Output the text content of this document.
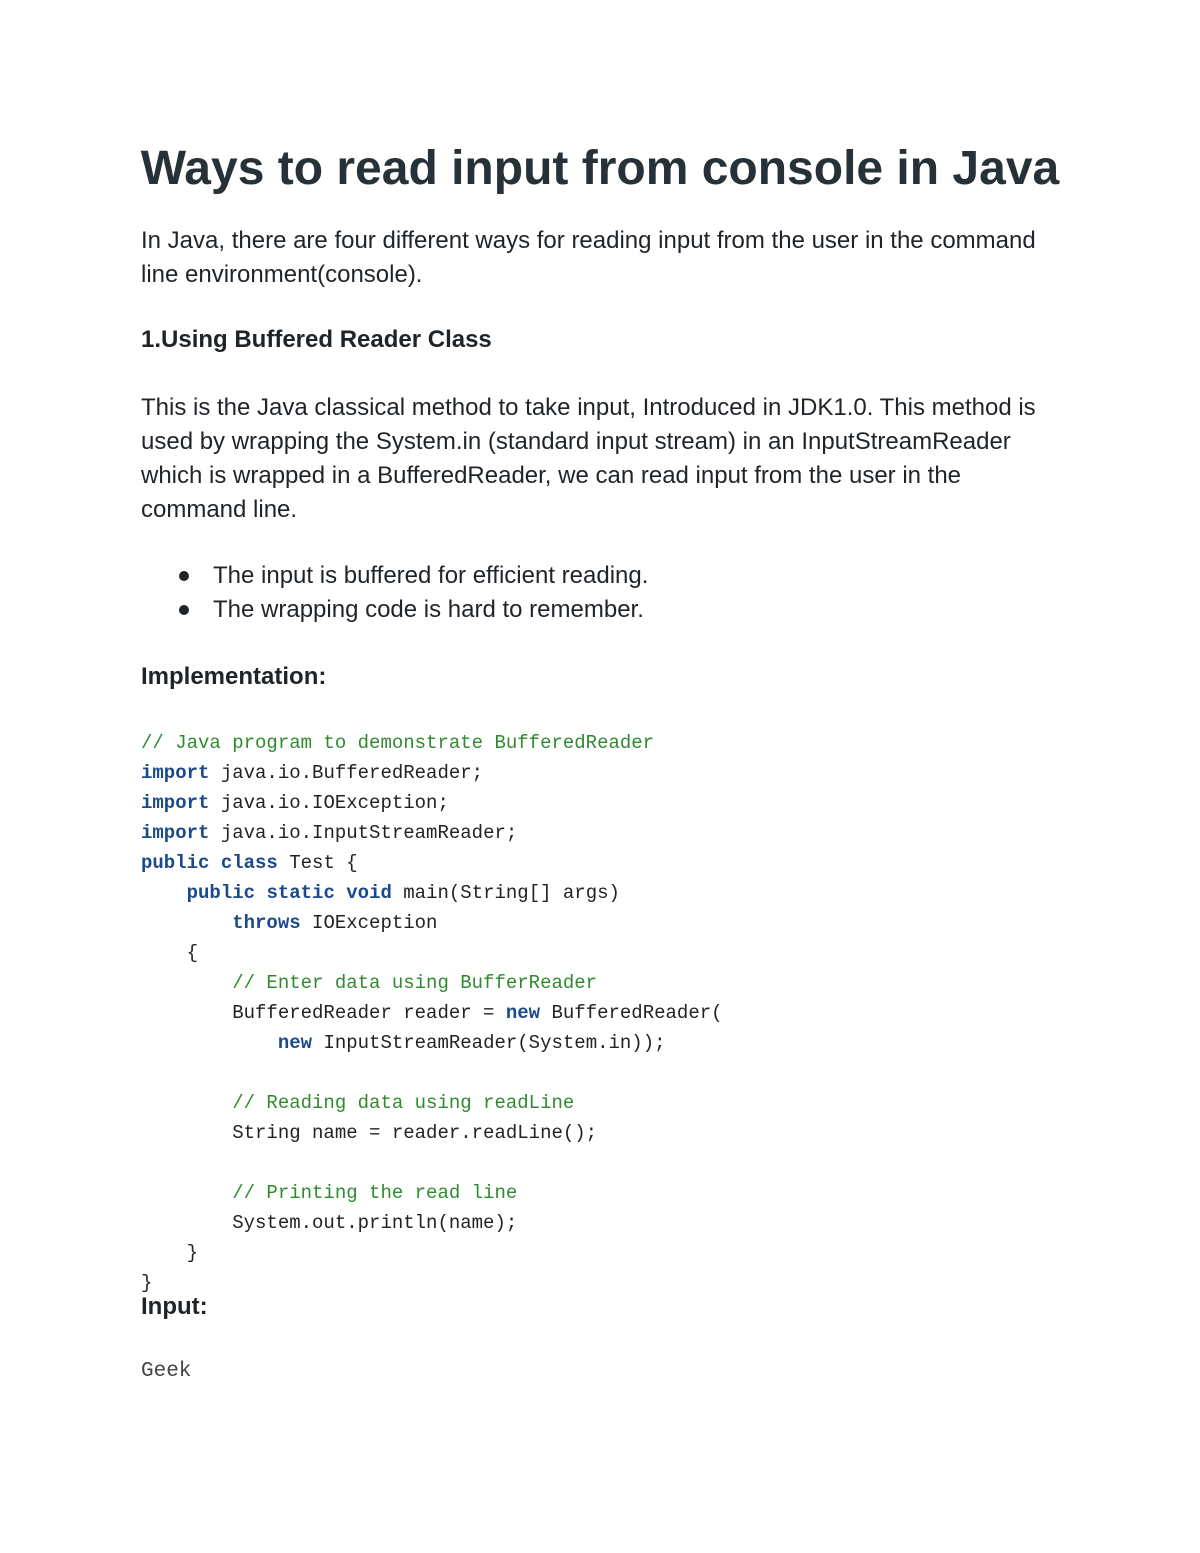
Ways to read input from console in Java

In Java, there are four different ways for reading input from the user in the command line environment(console).

1.Using Buffered Reader Class

This is the Java classical method to take input, Introduced in JDK1.0. This method is used by wrapping the System.in (standard input stream) in an InputStreamReader which is wrapped in a BufferedReader, we can read input from the user in the command line.

The input is buffered for efficient reading.
The wrapping code is hard to remember.
Implementation:
// Java program to demonstrate BufferedReader
import java.io.BufferedReader;
import java.io.IOException;
import java.io.InputStreamReader;
public class Test {
public static void main(String[] args)
throws IOException
{
// Enter data using BufferReader
BufferedReader reader = new BufferedReader(
new InputStreamReader(System.in));
// Reading data using readLine
String name = reader.readLine();
// Printing the read line
System.out.println(name);
}
}
Input:
Geek
